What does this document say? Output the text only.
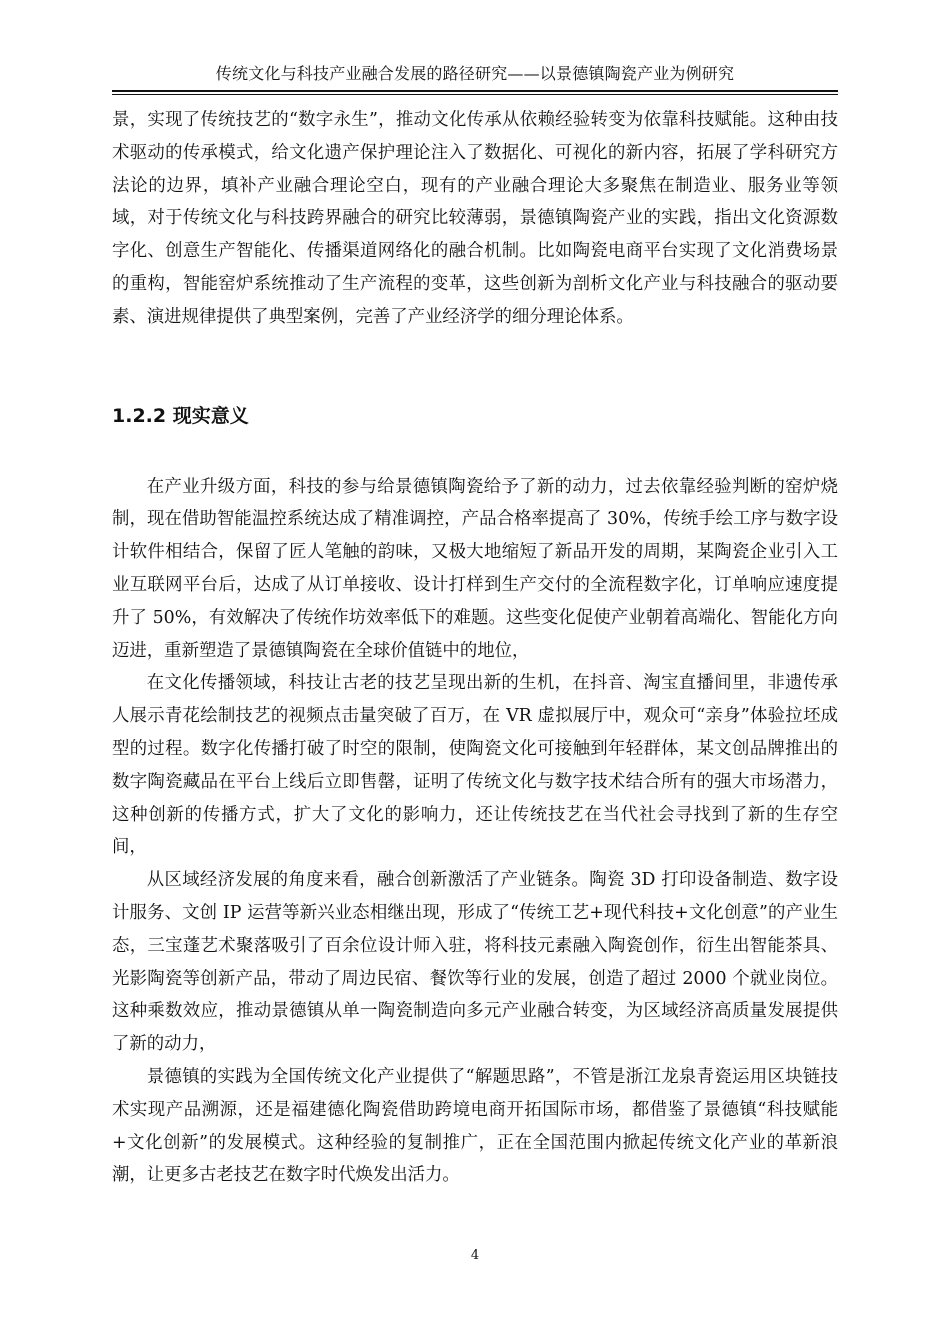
传统文化与科技产业融合发展的路径研究——以景德镇陶瓷产业为例研究

景，实现了传统技艺的“数字永生”，推动文化传承从依赖经验转变为依靠科技赋能。这种由技术驱动的传承模式，给文化遗产保护理论注入了数据化、可视化的新内容，拓展了学科研究方法论的边界，填补产业融合理论空白，现有的产业融合理论大多聚焦在制造业、服务业等领域，对于传统文化与科技跨界融合的研究比较薄弱，景德镇陶瓷产业的实践，指出文化资源数字化、创意生产智能化、传播渠道网络化的融合机制。比如陶瓷电商平台实现了文化消费场景的重构，智能窑炉系统推动了生产流程的变革，这些创新为剖析文化产业与科技融合的驱动要素、演进规律提供了典型案例，完善了产业经济学的细分理论体系。

1.2.2 现实意义

在产业升级方面，科技的参与给景德镇陶瓷给予了新的动力，过去依靠经验判断的窑炉烧制，现在借助智能温控系统达成了精准调控，产品合格率提高了 30%，传统手绘工序与数字设计软件相结合，保留了匠人笔触的韵味，又极大地缩短了新品开发的周期，某陶瓷企业引入工业互联网平台后，达成了从订单接收、设计打样到生产交付的全流程数字化，订单响应速度提升了 50%，有效解决了传统作坊效率低下的难题。这些变化促使产业朝着高端化、智能化方向迈进，重新塑造了景德镇陶瓷在全球价值链中的地位，

在文化传播领域，科技让古老的技艺呈现出新的生机，在抖音、淘宝直播间里，非遗传承人展示青花绘制技艺的视频点击量突破了百万，在 VR 虚拟展厅中，观众可“亲身”体验拉坯成型的过程。数字化传播打破了时空的限制，使陶瓷文化可接触到年轻群体，某文创品牌推出的数字陶瓷藏品在平台上线后立即售罄，证明了传统文化与数字技术结合所有的强大市场潜力，这种创新的传播方式，扩大了文化的影响力，还让传统技艺在当代社会寻找到了新的生存空间，

从区域经济发展的角度来看，融合创新激活了产业链条。陶瓷 3D 打印设备制造、数字设计服务、文创 IP 运营等新兴业态相继出现，形成了“传统工艺+现代科技+文化创意”的产业生态，三宝蓬艺术聚落吸引了百余位设计师入驻，将科技元素融入陶瓷创作，衍生出智能茶具、光影陶瓷等创新产品，带动了周边民宿、餐饮等行业的发展，创造了超过 2000 个就业岗位。这种乘数效应，推动景德镇从单一陶瓷制造向多元产业融合转变，为区域经济高质量发展提供了新的动力，

景德镇的实践为全国传统文化产业提供了“解题思路”，不管是浙江龙泉青瓷运用区块链技术实现产品溯源，还是福建德化陶瓷借助跨境电商开拓国际市场，都借鉴了景德镇“科技赋能+文化创新”的发展模式。这种经验的复制推广，正在全国范围内掀起传统文化产业的革新浪潮，让更多古老技艺在数字时代焕发出活力。

4
